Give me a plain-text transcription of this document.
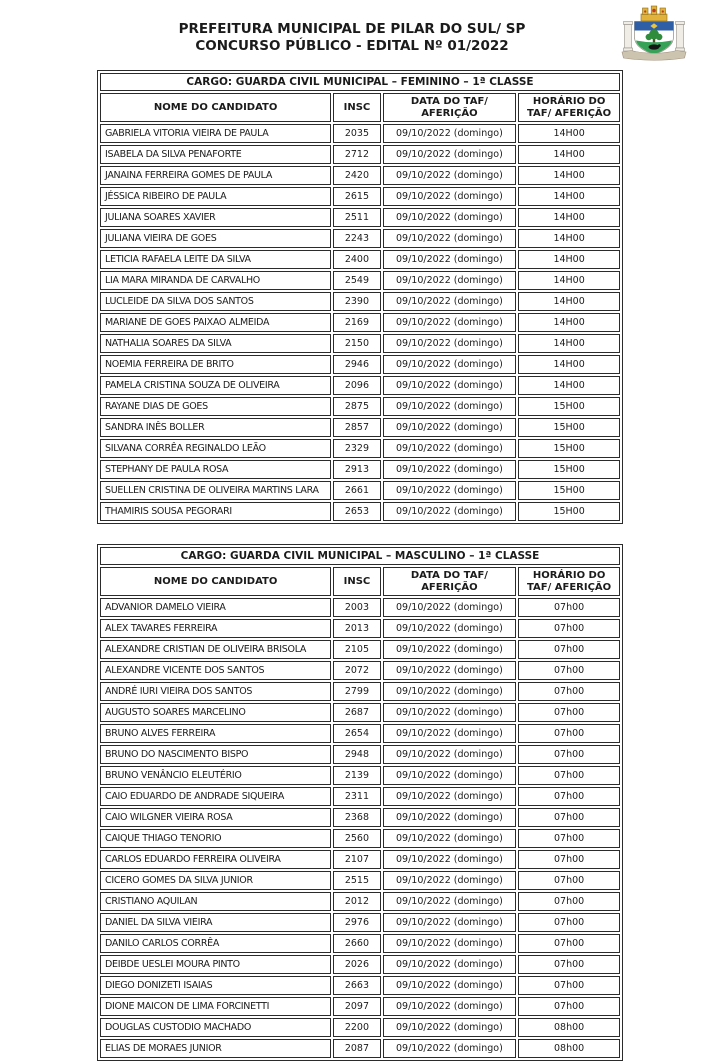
PREFEITURA MUNICIPAL DE PILAR DO SUL/ SP
CONCURSO PÚBLICO - EDITAL Nº 01/2022
CARGO: GUARDA CIVIL MUNICIPAL – FEMININO – 1ª CLASSE			
NOME DO CANDIDATO	INSC	DATA DO TAF/ AFERIÇÃO	HORÁRIO DO TAF/ AFERIÇÃO
GABRIELA VITORIA VIEIRA DE PAULA	2035	09/10/2022 (domingo)	14H00
ISABELA DA SILVA PENAFORTE	2712	09/10/2022 (domingo)	14H00
JANAINA FERREIRA GOMES DE PAULA	2420	09/10/2022 (domingo)	14H00
JÉSSICA RIBEIRO DE PAULA	2615	09/10/2022 (domingo)	14H00
JULIANA SOARES XAVIER	2511	09/10/2022 (domingo)	14H00
JULIANA VIEIRA DE GOES	2243	09/10/2022 (domingo)	14H00
LETICIA RAFAELA LEITE DA SILVA	2400	09/10/2022 (domingo)	14H00
LIA MARA MIRANDA DE CARVALHO	2549	09/10/2022 (domingo)	14H00
LUCLEIDE DA SILVA DOS SANTOS	2390	09/10/2022 (domingo)	14H00
MARIANE DE GOES PAIXAO ALMEIDA	2169	09/10/2022 (domingo)	14H00
NATHALIA SOARES DA SILVA	2150	09/10/2022 (domingo)	14H00
NOEMIA FERREIRA DE BRITO	2946	09/10/2022 (domingo)	14H00
PAMELA CRISTINA SOUZA DE OLIVEIRA	2096	09/10/2022 (domingo)	14H00
RAYANE DIAS DE GOES	2875	09/10/2022 (domingo)	15H00
SANDRA INÊS BOLLER	2857	09/10/2022 (domingo)	15H00
SILVANA CORRÊA REGINALDO LEÃO	2329	09/10/2022 (domingo)	15H00
STEPHANY DE PAULA ROSA	2913	09/10/2022 (domingo)	15H00
SUELLEN CRISTINA DE OLIVEIRA MARTINS LARA	2661	09/10/2022 (domingo)	15H00
THAMIRIS SOUSA PEGORARI	2653	09/10/2022 (domingo)	15H00
CARGO: GUARDA CIVIL MUNICIPAL – MASCULINO – 1ª CLASSE			
NOME DO CANDIDATO	INSC	DATA DO TAF/ AFERIÇÃO	HORÁRIO DO TAF/ AFERIÇÃO
ADVANIOR DAMELO VIEIRA	2003	09/10/2022 (domingo)	07h00
ALEX TAVARES FERREIRA	2013	09/10/2022 (domingo)	07h00
ALEXANDRE CRISTIAN DE OLIVEIRA BRISOLA	2105	09/10/2022 (domingo)	07h00
ALEXANDRE VICENTE DOS SANTOS	2072	09/10/2022 (domingo)	07h00
ANDRÉ IURI VIEIRA DOS SANTOS	2799	09/10/2022 (domingo)	07h00
AUGUSTO SOARES MARCELINO	2687	09/10/2022 (domingo)	07h00
BRUNO ALVES FERREIRA	2654	09/10/2022 (domingo)	07h00
BRUNO DO NASCIMENTO BISPO	2948	09/10/2022 (domingo)	07h00
BRUNO VENÂNCIO ELEUTÉRIO	2139	09/10/2022 (domingo)	07h00
CAIO EDUARDO DE ANDRADE SIQUEIRA	2311	09/10/2022 (domingo)	07h00
CAIO WILGNER VIEIRA ROSA	2368	09/10/2022 (domingo)	07h00
CAIQUE THIAGO TENORIO	2560	09/10/2022 (domingo)	07h00
CARLOS EDUARDO FERREIRA OLIVEIRA	2107	09/10/2022 (domingo)	07h00
CICERO GOMES DA SILVA JUNIOR	2515	09/10/2022 (domingo)	07h00
CRISTIANO AQUILAN	2012	09/10/2022 (domingo)	07h00
DANIEL DA SILVA VIEIRA	2976	09/10/2022 (domingo)	07h00
DANILO CARLOS CORRÊA	2660	09/10/2022 (domingo)	07h00
DEIBDE UESLEI MOURA PINTO	2026	09/10/2022 (domingo)	07h00
DIEGO DONIZETI ISAIAS	2663	09/10/2022 (domingo)	07h00
DIONE MAICON DE LIMA FORCINETTI	2097	09/10/2022 (domingo)	07h00
DOUGLAS CUSTODIO MACHADO	2200	09/10/2022 (domingo)	08h00
ELIAS DE MORAES JUNIOR	2087	09/10/2022 (domingo)	08h00
